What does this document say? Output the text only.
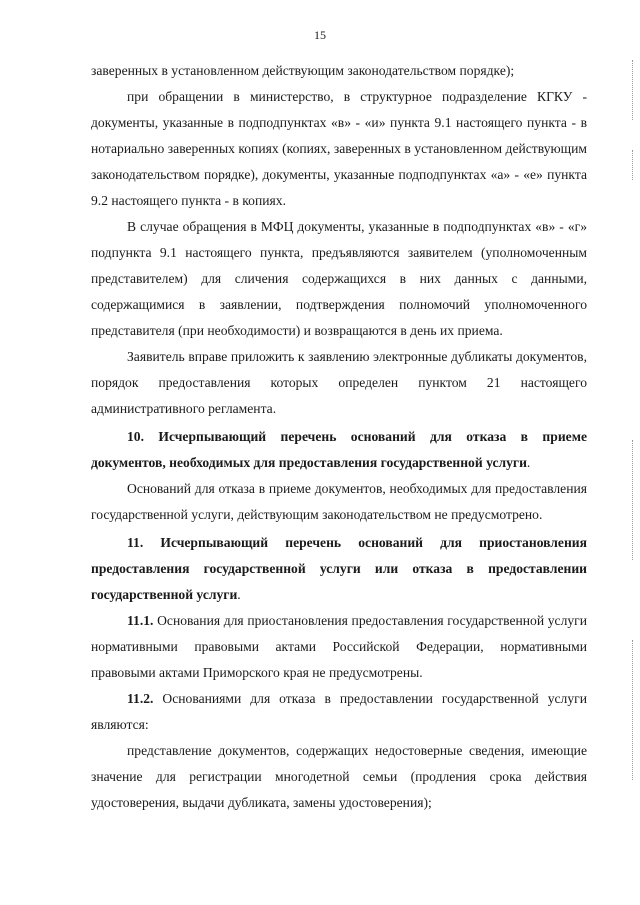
15

заверенных в установленном действующим законодательством порядке);

при обращении в министерство, в структурное подразделение КГКУ - документы, указанные в подподпунктах «в» - «и» пункта 9.1 настоящего пункта - в нотариально заверенных копиях (копиях, заверенных в установленном действующим законодательством порядке), документы, указанные подподпунктах «а» - «е» пункта 9.2 настоящего пункта - в копиях.

В случае обращения в МФЦ документы, указанные в подподпунктах «в» - «г» подпункта 9.1 настоящего пункта, предъявляются заявителем (уполномоченным представителем) для сличения содержащихся в них данных с данными, содержащимися в заявлении, подтверждения полномочий уполномоченного представителя (при необходимости) и возвращаются в день их приема.

Заявитель вправе приложить к заявлению электронные дубликаты документов, порядок предоставления которых определен пунктом 21 настоящего административного регламента.

10. Исчерпывающий перечень оснований для отказа в приеме документов, необходимых для предоставления государственной услуги.

Оснований для отказа в приеме документов, необходимых для предоставления государственной услуги, действующим законодательством не предусмотрено.

11. Исчерпывающий перечень оснований для приостановления предоставления государственной услуги или отказа в предоставлении государственной услуги.

11.1. Основания для приостановления предоставления государственной услуги нормативными правовыми актами Российской Федерации, нормативными правовыми актами Приморского края не предусмотрены.

11.2. Основаниями для отказа в предоставлении государственной услуги являются:

представление документов, содержащих недостоверные сведения, имеющие значение для регистрации многодетной семьи (продления срока действия удостоверения, выдачи дубликата, замены удостоверения);
